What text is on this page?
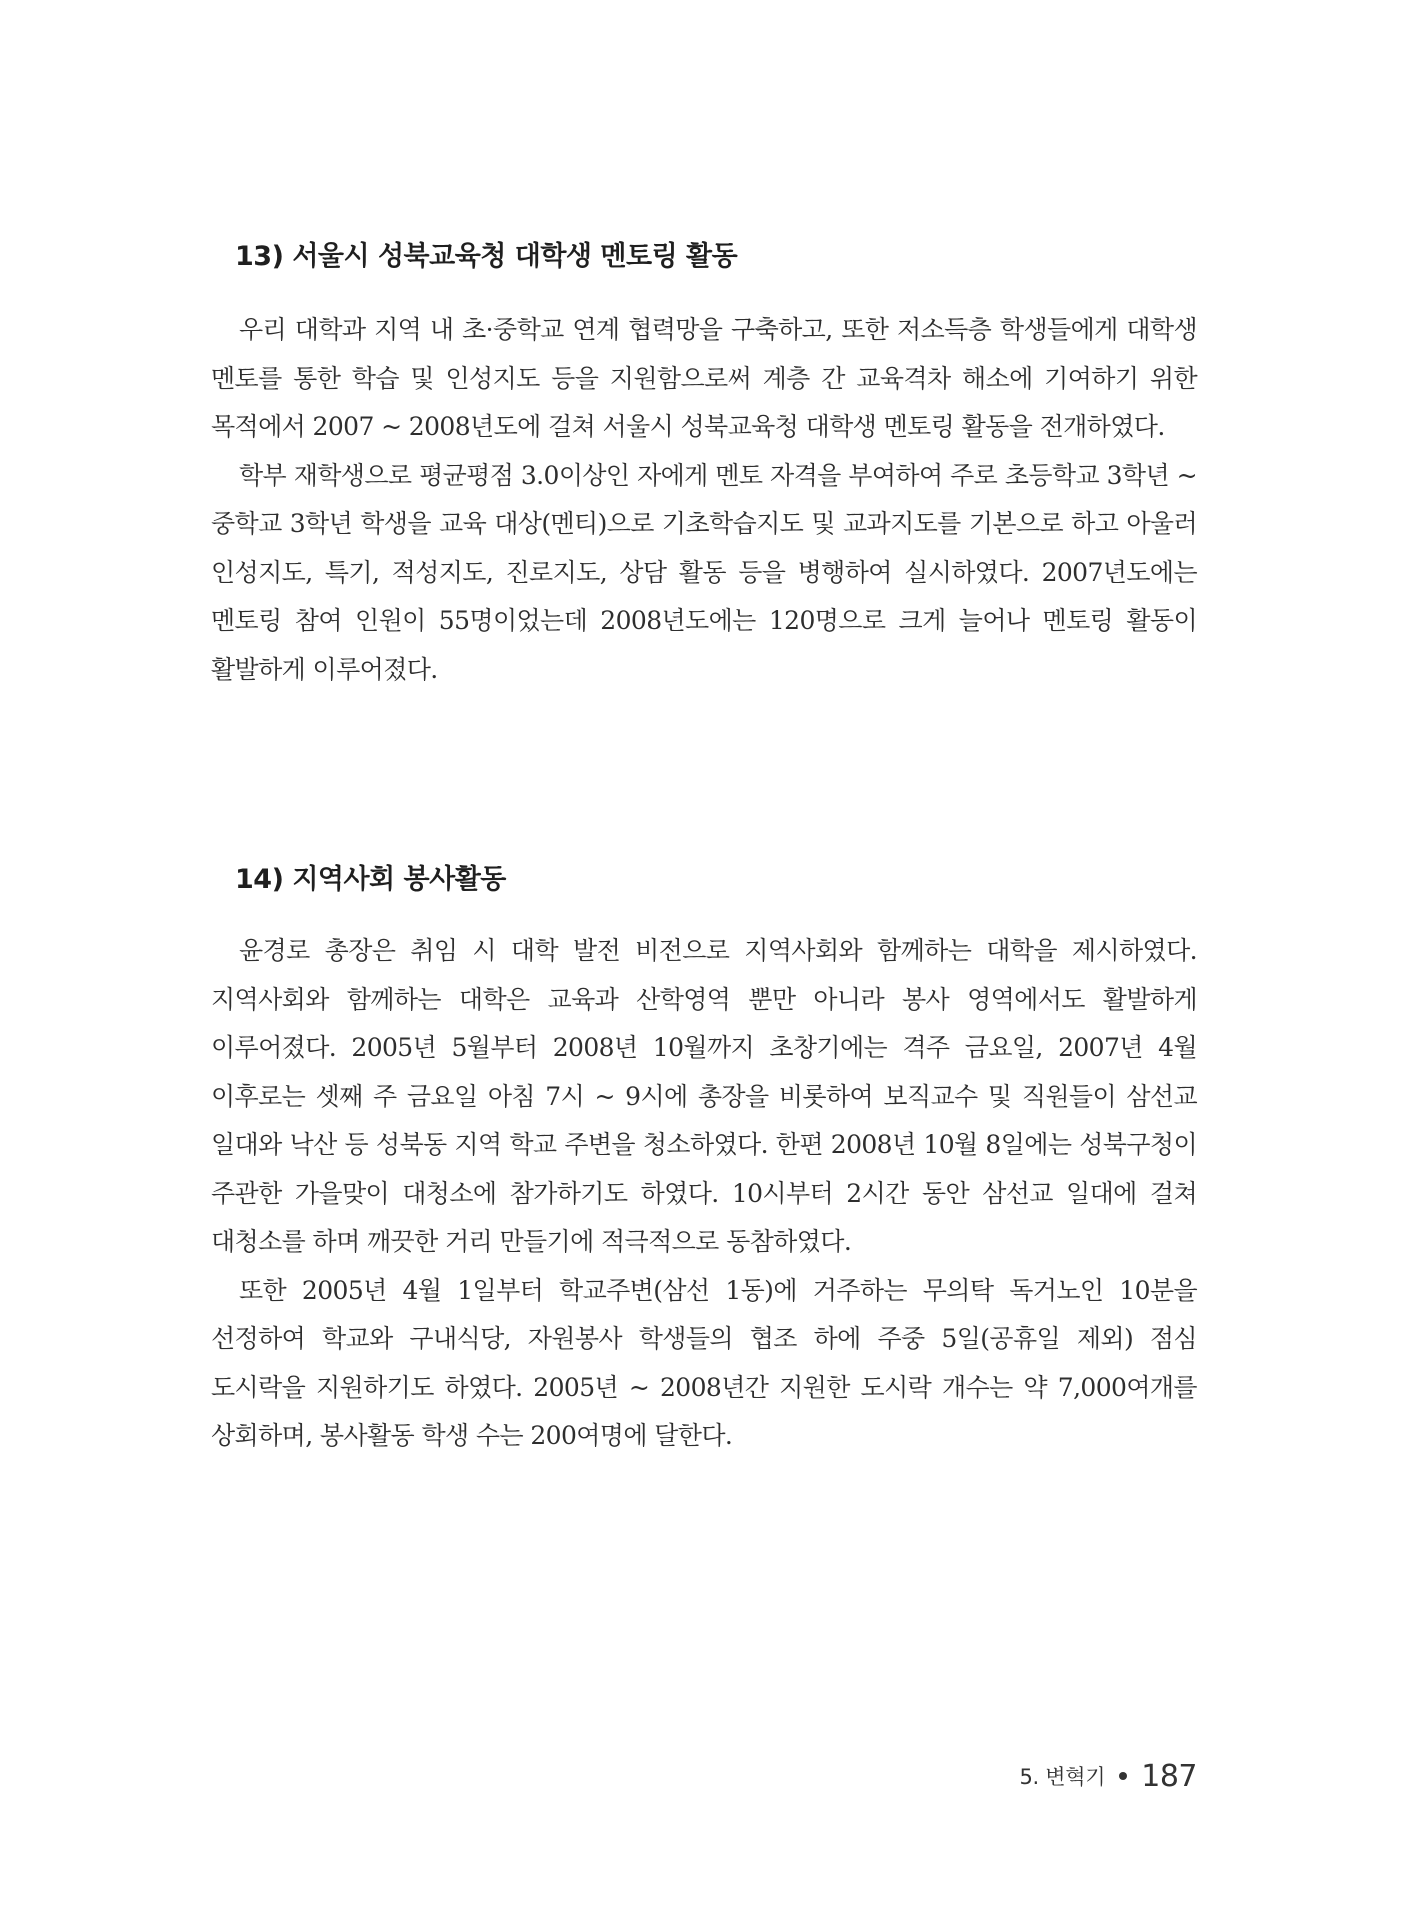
13) 서울시 성북교육청 대학생 멘토링 활동

우리 대학과 지역 내 초·중학교 연계 협력망을 구축하고, 또한 저소득층 학생들에게 대학생 멘토를 통한 학습 및 인성지도 등을 지원함으로써 계층 간 교육격차 해소에 기여하기 위한 목적에서 2007 ~ 2008년도에 걸쳐 서울시 성북교육청 대학생 멘토링 활동을 전개하였다.

학부 재학생으로 평균평점 3.0이상인 자에게 멘토 자격을 부여하여 주로 초등학교 3학년 ~ 중학교 3학년 학생을 교육 대상(멘티)으로 기초학습지도 및 교과지도를 기본으로 하고 아울러 인성지도, 특기, 적성지도, 진로지도, 상담 활동 등을 병행하여 실시하였다. 2007년도에는 멘토링 참여 인원이 55명이었는데 2008년도에는 120명으로 크게 늘어나 멘토링 활동이 활발하게 이루어졌다.

14) 지역사회 봉사활동

윤경로 총장은 취임 시 대학 발전 비전으로 지역사회와 함께하는 대학을 제시하였다. 지역사회와 함께하는 대학은 교육과 산학영역 뿐만 아니라 봉사 영역에서도 활발하게 이루어졌다. 2005년 5월부터 2008년 10월까지 초창기에는 격주 금요일, 2007년 4월 이후로는 셋째 주 금요일 아침 7시 ~ 9시에 총장을 비롯하여 보직교수 및 직원들이 삼선교 일대와 낙산 등 성북동 지역 학교 주변을 청소하였다. 한편 2008년 10월 8일에는 성북구청이 주관한 가을맞이 대청소에 참가하기도 하였다. 10시부터 2시간 동안 삼선교 일대에 걸쳐 대청소를 하며 깨끗한 거리 만들기에 적극적으로 동참하였다.

또한 2005년 4월 1일부터 학교주변(삼선 1동)에 거주하는 무의탁 독거노인 10분을 선정하여 학교와 구내식당, 자원봉사 학생들의 협조 하에 주중 5일(공휴일 제외) 점심 도시락을 지원하기도 하였다. 2005년 ~ 2008년간 지원한 도시락 개수는 약 7,000여개를 상회하며, 봉사활동 학생 수는 200여명에 달한다.

5. 변혁기 187
